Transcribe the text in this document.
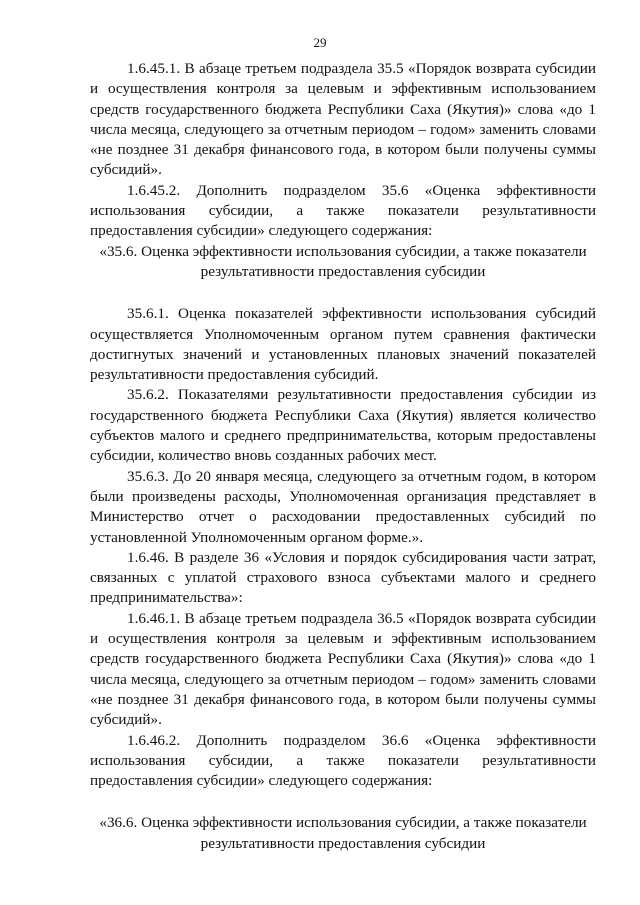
29

1.6.45.1. В абзаце третьем подраздела 35.5 «Порядок возврата субсидии и осуществления контроля за целевым и эффективным использованием средств государственного бюджета Республики Саха (Якутия)» слова «до 1 числа месяца, следующего за отчетным периодом – годом» заменить словами «не позднее 31 декабря финансового года, в котором были получены суммы субсидий».

1.6.45.2. Дополнить подразделом 35.6 «Оценка эффективности использования субсидии, а также показатели результативности предоставления субсидии» следующего содержания:

«35.6. Оценка эффективности использования субсидии, а также показатели результативности предоставления субсидии

35.6.1. Оценка показателей эффективности использования субсидий осуществляется Уполномоченным органом путем сравнения фактически достигнутых значений и установленных плановых значений показателей результативности предоставления субсидий.

35.6.2. Показателями результативности предоставления субсидии из государственного бюджета Республики Саха (Якутия) является количество субъектов малого и среднего предпринимательства, которым предоставлены субсидии, количество вновь созданных рабочих мест.

35.6.3. До 20 января месяца, следующего за отчетным годом, в котором были произведены расходы, Уполномоченная организация представляет в Министерство отчет о расходовании предоставленных субсидий по установленной Уполномоченным органом форме.».

1.6.46. В разделе 36 «Условия и порядок субсидирования части затрат, связанных с уплатой страхового взноса субъектами малого и среднего предпринимательства»:

1.6.46.1. В абзаце третьем подраздела 36.5 «Порядок возврата субсидии и осуществления контроля за целевым и эффективным использованием средств государственного бюджета Республики Саха (Якутия)» слова «до 1 числа месяца, следующего за отчетным периодом – годом» заменить словами «не позднее 31 декабря финансового года, в котором были получены суммы субсидий».

1.6.46.2. Дополнить подразделом 36.6 «Оценка эффективности использования субсидии, а также показатели результативности предоставления субсидии» следующего содержания:

«36.6. Оценка эффективности использования субсидии, а также показатели результативности предоставления субсидии
